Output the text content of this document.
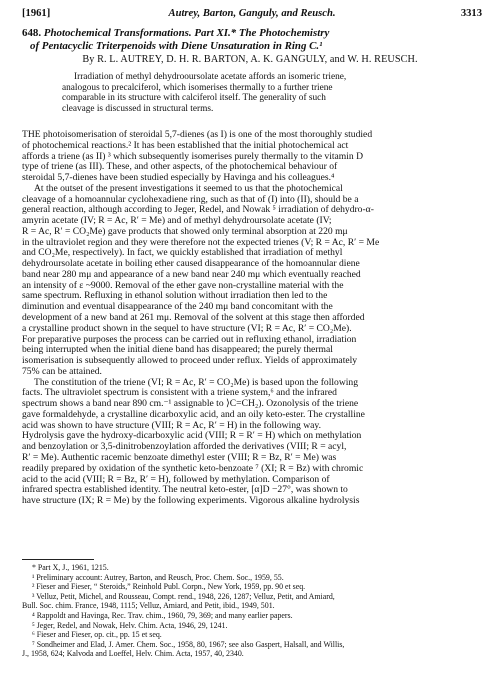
[1961]	Autrey, Barton, Ganguly, and Reusch.	3313
648. Photochemical Transformations. Part XI.* The Photochemistry
of Pentacyclic Triterpenoids with Diene Unsaturation in Ring C.¹
By R. L. AUTREY, D. H. R. BARTON, A. K. GANGULY, and W. H. REUSCH.
Irradiation of methyl dehydrooursolate acetate affords an isomeric triene,
analogous to precalciferol, which isomerises thermally to a further triene
comparable in its structure with calciferol itself. The generality of such
cleavage is discussed in structural terms.
THE photoisomerisation of steroidal 5,7-dienes (as I) is one of the most thoroughly studied
of photochemical reactions.² It has been established that the initial photochemical act
affords a triene (as II) ³ which subsequently isomerises purely thermally to the vitamin D
type of triene (as III). These, and other aspects, of the photochemical behaviour of
steroidal 5,7-dienes have been studied especially by Havinga and his colleagues.⁴
At the outset of the present investigations it seemed to us that the photochemical
cleavage of a homoannular cyclohexadiene ring, such as that of (I) into (II), should be a
general reaction, although according to Jeger, Redel, and Nowak ⁵ irradiation of dehydro-α-
amyrin acetate (IV; R = Ac, R′ = Me) and of methyl dehydroursolate acetate (IV;
R = Ac, R′ = CO₂Me) gave products that showed only terminal absorption at 220 mμ
in the ultraviolet region and they were therefore not the expected trienes (V; R = Ac, R′ = Me
and CO₂Me, respectively). In fact, we quickly established that irradiation of methyl
dehydroursolate acetate in boiling ether caused disappearance of the homoannular diene
band near 280 mμ and appearance of a new band near 240 mμ which eventually reached
an intensity of ε ~9000. Removal of the ether gave non-crystalline material with the
same spectrum. Refluxing in ethanol solution without irradiation then led to the
diminution and eventual disappearance of the 240 mμ band concomitant with the
development of a new band at 261 mμ. Removal of the solvent at this stage then afforded
a crystalline product shown in the sequel to have structure (VI; R = Ac, R′ = CO₂Me).
For preparative purposes the process can be carried out in refluxing ethanol, irradiation
being interrupted when the initial diene band has disappeared; the purely thermal
isomerisation is subsequently allowed to proceed under reflux. Yields of approximately
75% can be attained.
The constitution of the triene (VI; R = Ac, R′ = CO₂Me) is based upon the following
facts. The ultraviolet spectrum is consistent with a triene system,⁶ and the infrared
spectrum shows a band near 890 cm.⁻¹ assignable to ⟩C=CH₂). Ozonolysis of the triene
gave formaldehyde, a crystalline dicarboxylic acid, and an oily keto-ester. The crystalline
acid was shown to have structure (VIII; R = Ac, R′ = H) in the following way.
Hydrolysis gave the hydroxy-dicarboxylic acid (VIII; R = R′ = H) which on methylation
and benzoylation or 3,5-dinitrobenzoylation afforded the derivatives (VIII; R = acyl,
R′ = Me). Authentic racemic benzoate dimethyl ester (VIII; R = Bz, R′ = Me) was
readily prepared by oxidation of the synthetic keto-benzoate ⁷ (XI; R = Bz) with chromic
acid to the acid (VIII; R = Bz, R′ = H), followed by methylation. Comparison of
infrared spectra established identity. The neutral keto-ester, [α]D −27°, was shown to
have structure (IX; R = Me) by the following experiments. Vigorous alkaline hydrolysis
* Part X, J., 1961, 1215.
¹ Preliminary account: Autrey, Barton, and Reusch, Proc. Chem. Soc., 1959, 55.
² Fieser and Fieser, “ Steroids,” Reinhold Publ. Corpn., New York, 1959, pp. 90 et seq.
³ Velluz, Petit, Michel, and Rousseau, Compt. rend., 1948, 226, 1287; Velluz, Petit, and Amiard,
Bull. Soc. chim. France, 1948, 1115; Velluz, Amiard, and Petit, ibid., 1949, 501.
⁴ Rappoldt and Havinga, Rec. Trav. chim., 1960, 79, 369; and many earlier papers.
⁵ Jeger, Redel, and Nowak, Helv. Chim. Acta, 1946, 29, 1241.
⁶ Fieser and Fieser, op. cit., pp. 15 et seq.
⁷ Sondheimer and Elad, J. Amer. Chem. Soc., 1958, 80, 1967; see also Gaspert, Halsall, and Willis,
J., 1958, 624; Kalvoda and Loeffel, Helv. Chim. Acta, 1957, 40, 2340.
